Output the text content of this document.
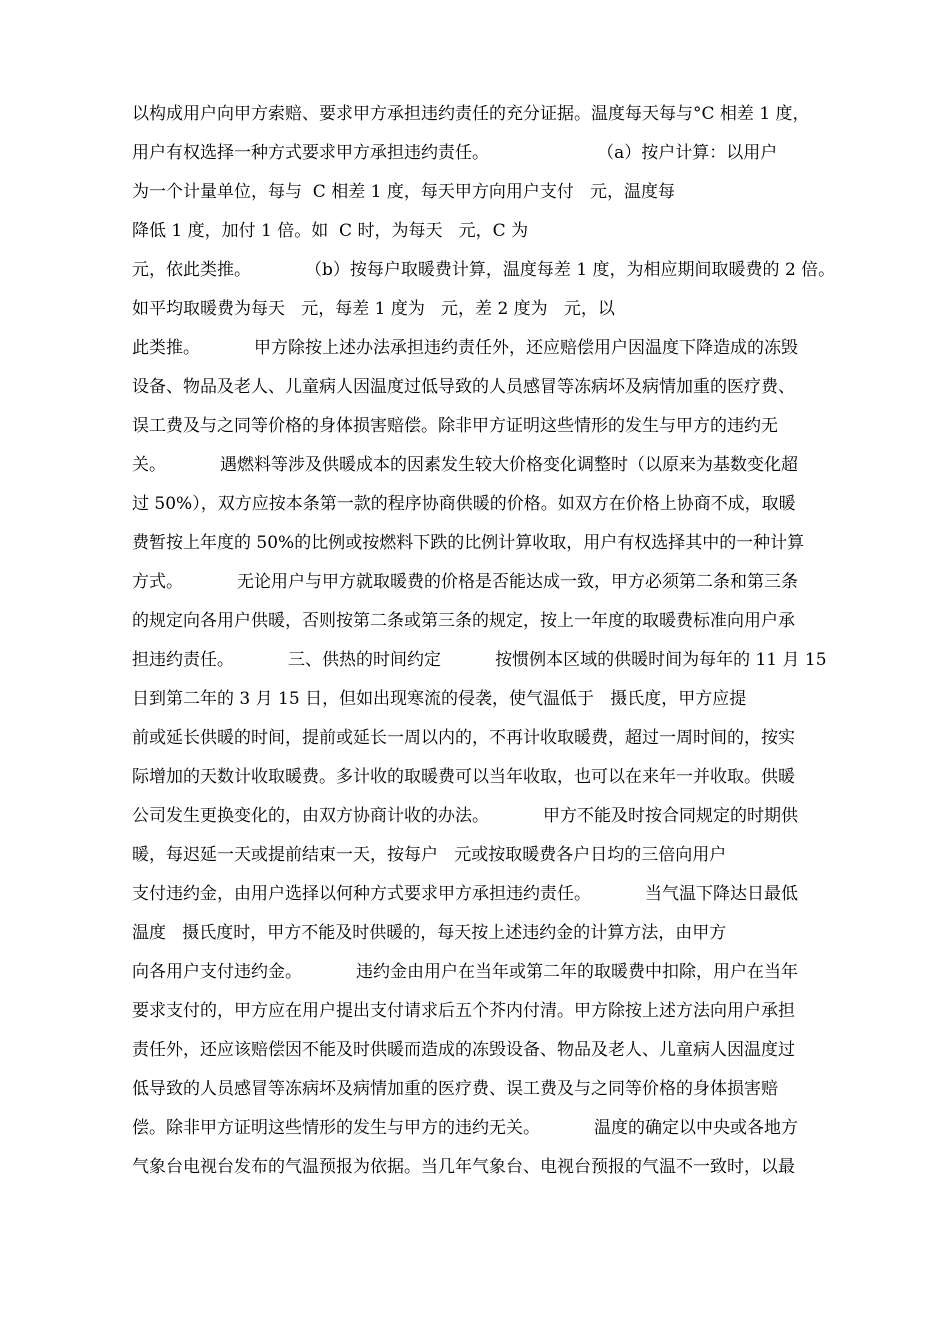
以构成用户向甲方索赔、要求甲方承担违约责任的充分证据。温度每天每与°C 相差 1 度，

用户有权选择一种方式要求甲方承担违约责任。                    （a）按户计算：以用户

为一个计量单位，每与  C 相差 1 度，每天甲方向用户支付   元，温度每

降低 1 度，加付 1 倍。如  C 时，为每天   元，C 为

元，依此类推。          （b）按每户取暖费计算，温度每差 1 度，为相应期间取暖费的 2 倍。

如平均取暖费为每天   元，每差 1 度为   元，差 2 度为   元，以

此类推。          甲方除按上述办法承担违约责任外，还应赔偿用户因温度下降造成的冻毁

设备、物品及老人、儿童病人因温度过低导致的人员感冒等冻病坏及病情加重的医疗费、

误工费及与之同等价格的身体损害赔偿。除非甲方证明这些情形的发生与甲方的违约无

关。          遇燃料等涉及供暖成本的因素发生较大价格变化调整时（以原来为基数变化超

过 50%），双方应按本条第一款的程序协商供暖的价格。如双方在价格上协商不成，取暖

费暂按上年度的 50%的比例或按燃料下跌的比例计算收取，用户有权选择其中的一种计算

方式。          无论用户与甲方就取暖费的价格是否能达成一致，甲方必须第二条和第三条

的规定向各用户供暖，否则按第二条或第三条的规定，按上一年度的取暖费标准向用户承

担违约责任。          三、供热的时间约定          按惯例本区域的供暖时间为每年的 11 月 15

日到第二年的 3 月 15 日，但如出现寒流的侵袭，使气温低于   摄氏度，甲方应提

前或延长供暖的时间，提前或延长一周以内的，不再计收取暖费，超过一周时间的，按实

际增加的天数计收取暖费。多计收的取暖费可以当年收取，也可以在来年一并收取。供暖

公司发生更换变化的，由双方协商计收的办法。          甲方不能及时按合同规定的时期供

暖，每迟延一天或提前结束一天，按每户   元或按取暖费各户日均的三倍向用户

支付违约金，由用户选择以何种方式要求甲方承担违约责任。          当气温下降达日最低

温度   摄氏度时，甲方不能及时供暖的，每天按上述违约金的计算方法，由甲方

向各用户支付违约金。          违约金由用户在当年或第二年的取暖费中扣除，用户在当年

要求支付的，甲方应在用户提出支付请求后五个芥内付清。甲方除按上述方法向用户承担

责任外，还应该赔偿因不能及时供暖而造成的冻毁设备、物品及老人、儿童病人因温度过

低导致的人员感冒等冻病坏及病情加重的医疗费、误工费及与之同等价格的身体损害赔

偿。除非甲方证明这些情形的发生与甲方的违约无关。          温度的确定以中央或各地方

气象台电视台发布的气温预报为依据。当几年气象台、电视台预报的气温不一致时，以最
